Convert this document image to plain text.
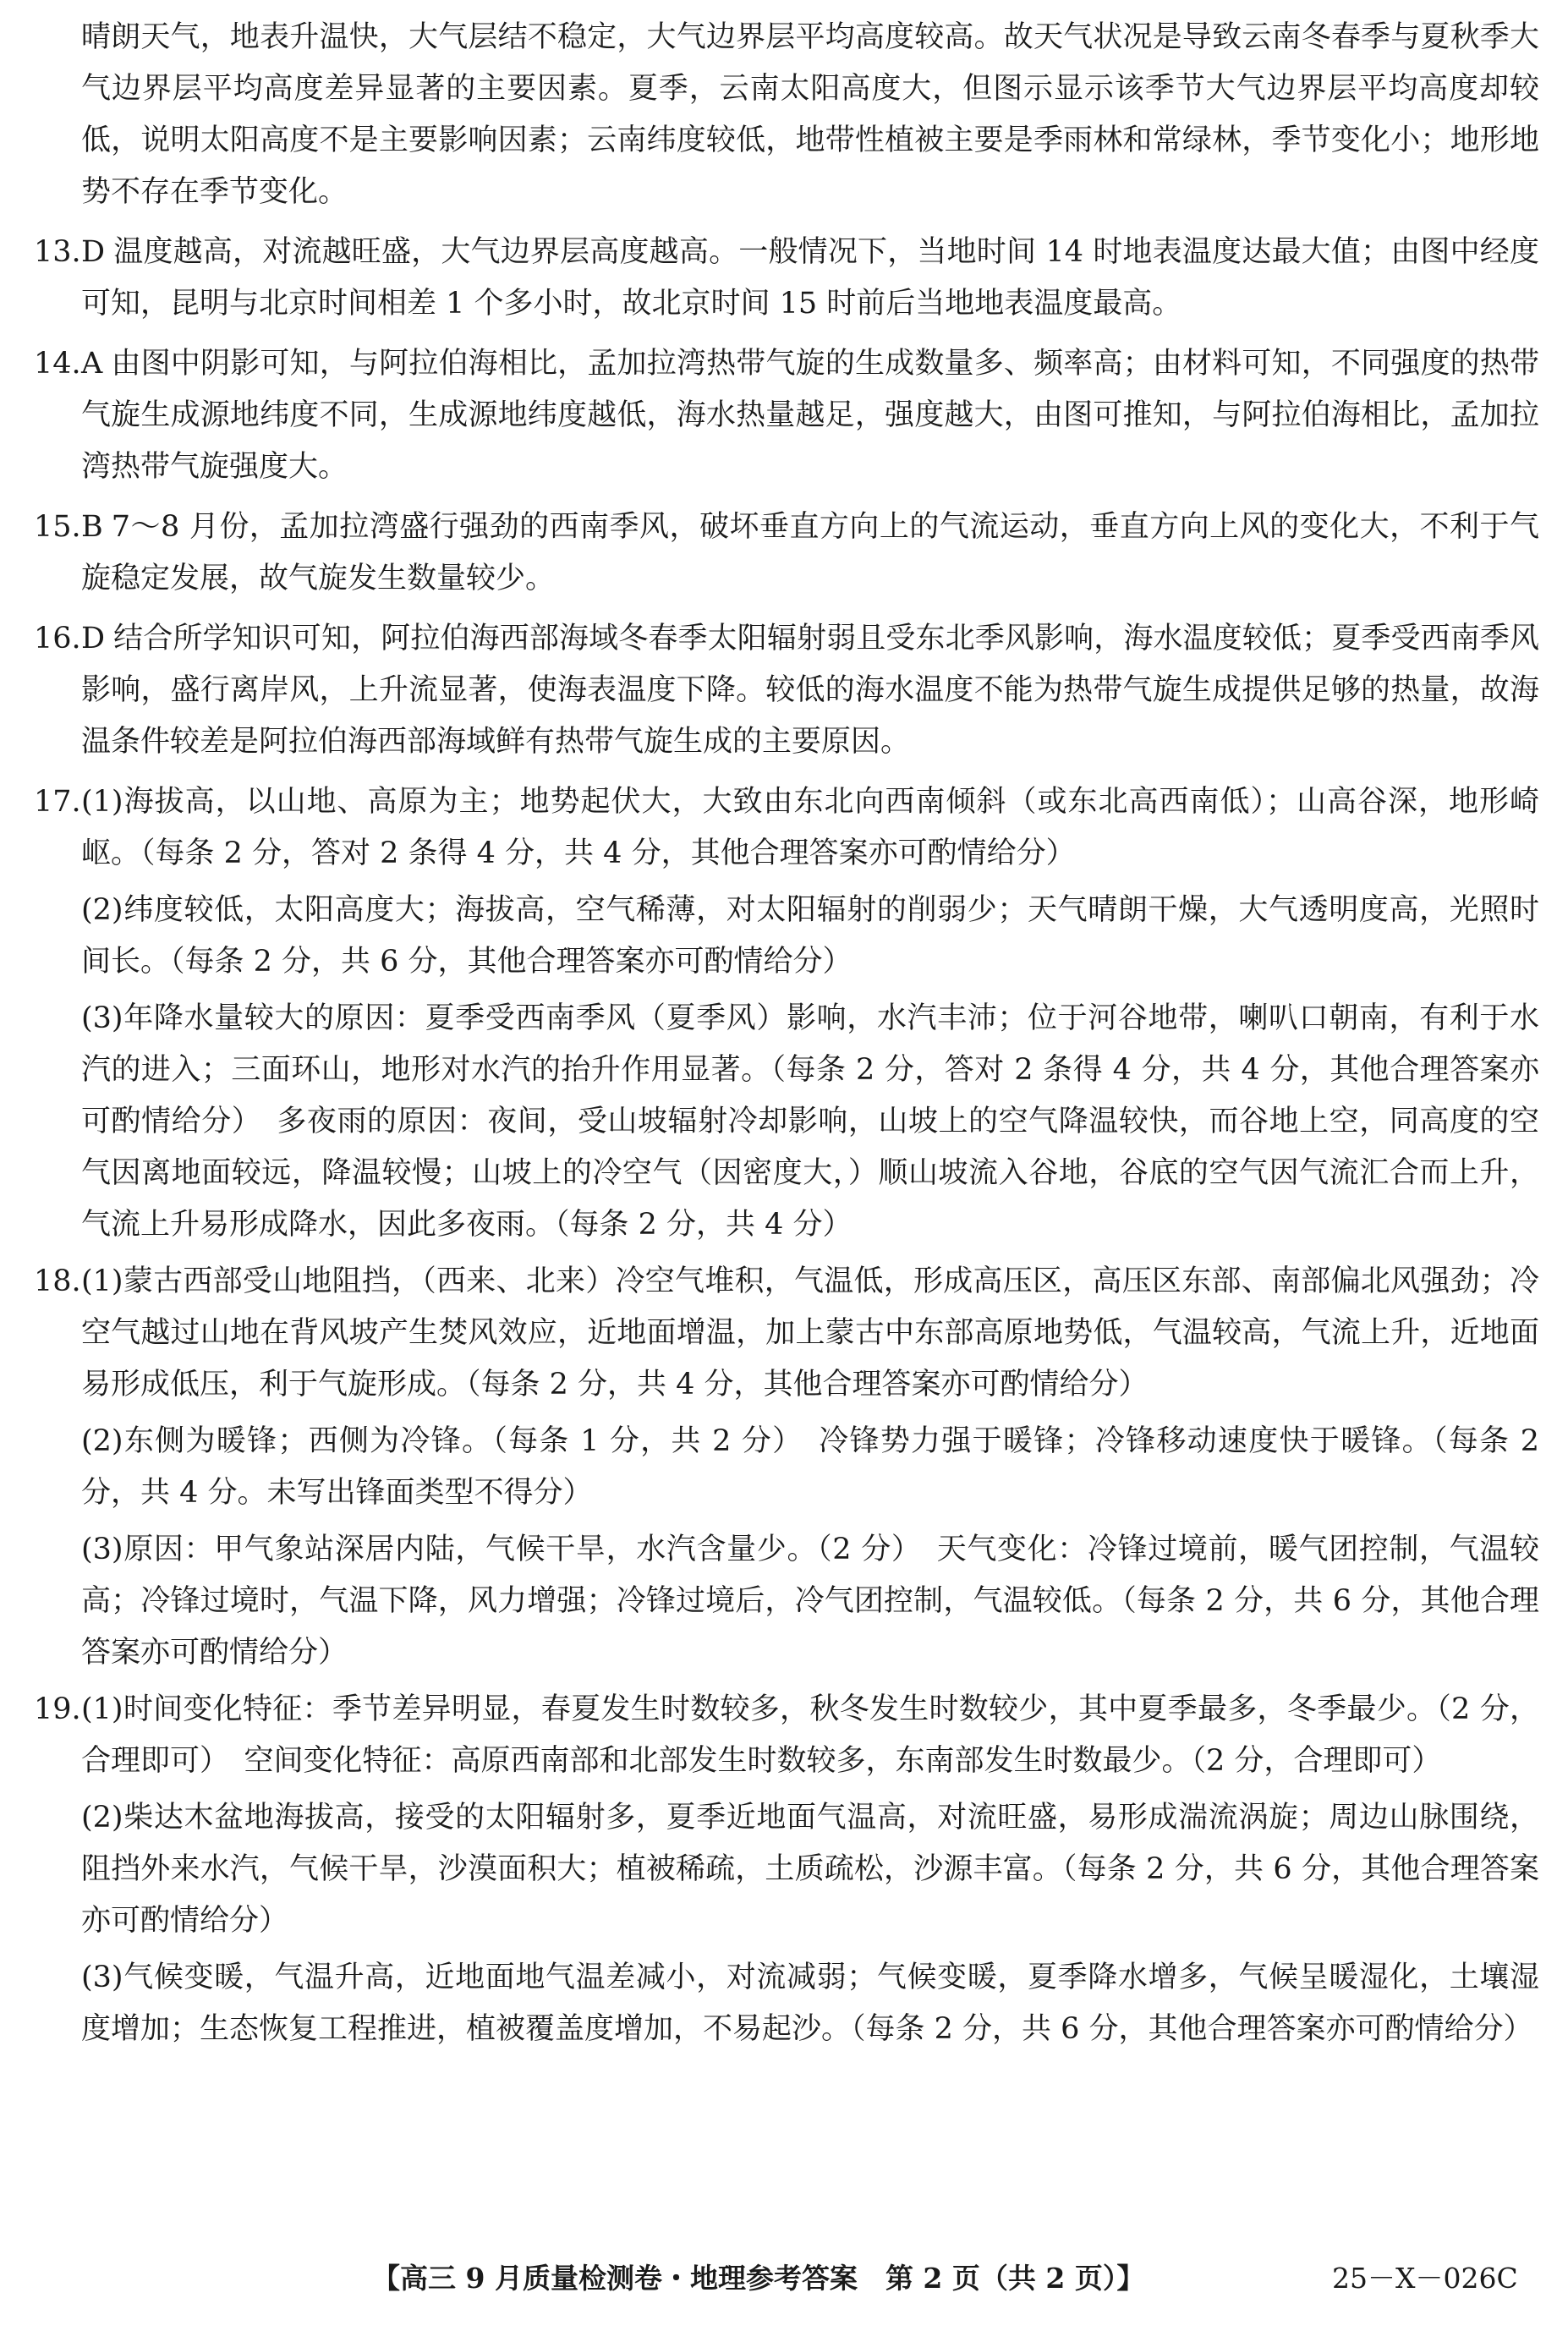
晴朗天气，地表升温快，大气层结不稳定，大气边界层平均高度较高。故天气状况是导致云南冬春季与夏秋季大气边界层平均高度差异显著的主要因素。夏季，云南太阳高度大，但图示显示该季节大气边界层平均高度却较低，说明太阳高度不是主要影响因素；云南纬度较低，地带性植被主要是季雨林和常绿林，季节变化小；地形地势不存在季节变化。
13. D 温度越高，对流越旺盛，大气边界层高度越高。一般情况下，当地时间 14 时地表温度达最大值；由图中经度可知，昆明与北京时间相差 1 个多小时，故北京时间 15 时前后当地地表温度最高。
14. A 由图中阴影可知，与阿拉伯海相比，孟加拉湾热带气旋的生成数量多、频率高；由材料可知，不同强度的热带气旋生成源地纬度不同，生成源地纬度越低，海水热量越足，强度越大，由图可推知，与阿拉伯海相比，孟加拉湾热带气旋强度大。
15. B 7～8 月份，孟加拉湾盛行强劲的西南季风，破坏垂直方向上的气流运动，垂直方向上风的变化大，不利于气旋稳定发展，故气旋发生数量较少。
16. D 结合所学知识可知，阿拉伯海西部海域冬春季太阳辐射弱且受东北季风影响，海水温度较低；夏季受西南季风影响，盛行离岸风，上升流显著，使海表温度下降。较低的海水温度不能为热带气旋生成提供足够的热量，故海温条件较差是阿拉伯海西部海域鲜有热带气旋生成的主要原因。
17. (1)海拔高，以山地、高原为主；地势起伏大，大致由东北向西南倾斜（或东北高西南低）；山高谷深，地形崎岖。（每条 2 分，答对 2 条得 4 分，共 4 分，其他合理答案亦可酌情给分）
(2)纬度较低，太阳高度大；海拔高，空气稀薄，对太阳辐射的削弱少；天气晴朗干燥，大气透明度高，光照时间长。（每条 2 分，共 6 分，其他合理答案亦可酌情给分）
(3)年降水量较大的原因：夏季受西南季风（夏季风）影响，水汽丰沛；位于河谷地带，喇叭口朝南，有利于水汽的进入；三面环山，地形对水汽的抬升作用显著。（每条 2 分，答对 2 条得 4 分，共 4 分，其他合理答案亦可酌情给分）　多夜雨的原因：夜间，受山坡辐射冷却影响，山坡上的空气降温较快，而谷地上空，同高度的空气因离地面较远，降温较慢；山坡上的冷空气（因密度大，）顺山坡流入谷地，谷底的空气因气流汇合而上升，气流上升易形成降水，因此多夜雨。（每条 2 分，共 4 分）
18. (1)蒙古西部受山地阻挡，（西来、北来）冷空气堆积，气温低，形成高压区，高压区东部、南部偏北风强劲；冷空气越过山地在背风坡产生焚风效应，近地面增温，加上蒙古中东部高原地势低，气温较高，气流上升，近地面易形成低压，利于气旋形成。（每条 2 分，共 4 分，其他合理答案亦可酌情给分）
(2)东侧为暖锋；西侧为冷锋。（每条 1 分，共 2 分）　冷锋势力强于暖锋；冷锋移动速度快于暖锋。（每条 2 分，共 4 分。未写出锋面类型不得分）
(3)原因：甲气象站深居内陆，气候干旱，水汽含量少。（2 分）　天气变化：冷锋过境前，暖气团控制，气温较高；冷锋过境时，气温下降，风力增强；冷锋过境后，冷气团控制，气温较低。（每条 2 分，共 6 分，其他合理答案亦可酌情给分）
19. (1)时间变化特征：季节差异明显，春夏发生时数较多，秋冬发生时数较少，其中夏季最多，冬季最少。（2 分，合理即可）　空间变化特征：高原西南部和北部发生时数较多，东南部发生时数最少。（2 分，合理即可）
(2)柴达木盆地海拔高，接受的太阳辐射多，夏季近地面气温高，对流旺盛，易形成湍流涡旋；周边山脉围绕，阻挡外来水汽，气候干旱，沙漠面积大；植被稀疏，土质疏松，沙源丰富。（每条 2 分，共 6 分，其他合理答案亦可酌情给分）
(3)气候变暖，气温升高，近地面地气温差减小，对流减弱；气候变暖，夏季降水增多，气候呈暖湿化，土壤湿度增加；生态恢复工程推进，植被覆盖度增加，不易起沙。（每条 2 分，共 6 分，其他合理答案亦可酌情给分）
【高三 9 月质量检测卷・地理参考答案　第 2 页（共 2 页）】	25－X－026C
